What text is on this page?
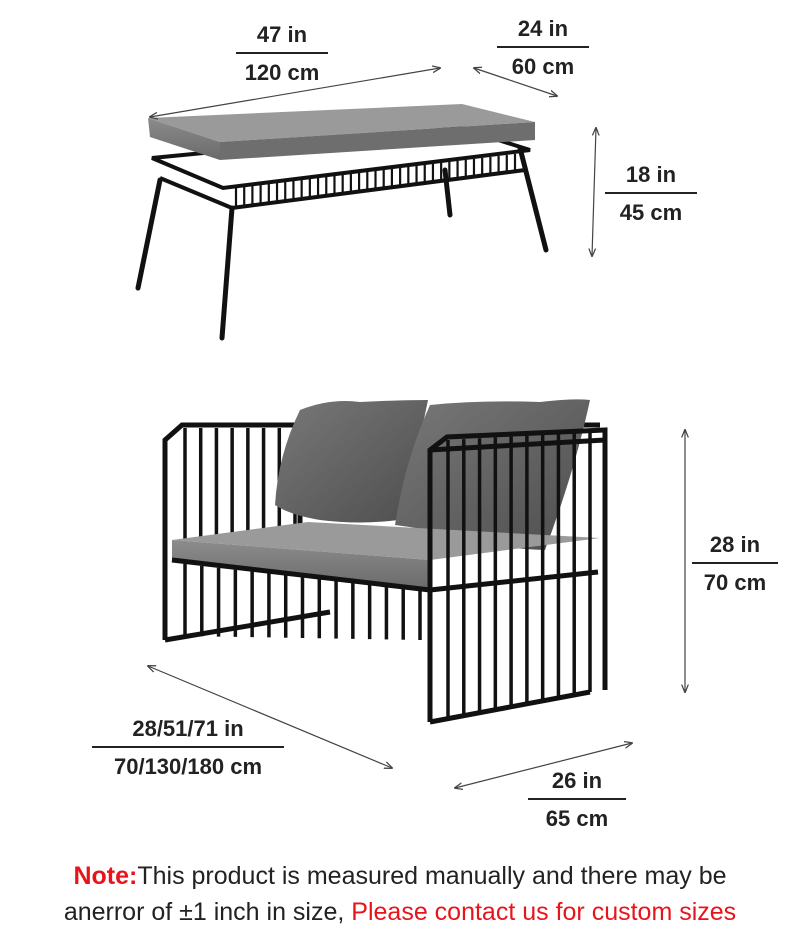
47 in
120 cm
24 in
60 cm
18 in
45 cm
28 in
70 cm
28/51/71 in
70/130/180 cm
26 in
65 cm
Note:This product is measured manually and there may be
anerror of ±1 inch in size, Please contact us for custom sizes
